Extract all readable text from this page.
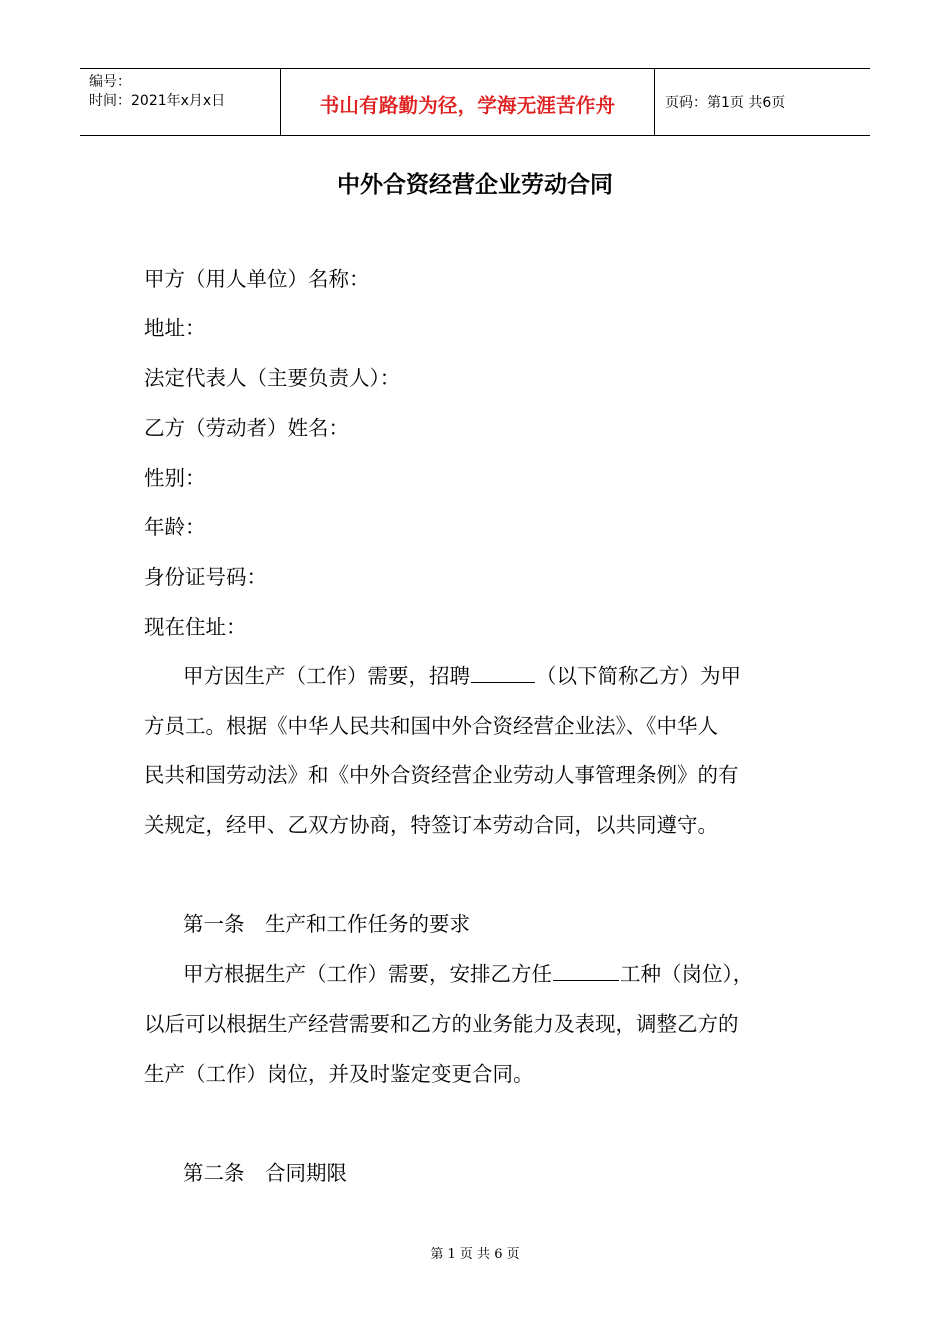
编号：
时间：2021年x月x日	书山有路勤为径，学海无涯苦作舟	页码：第1页 共6页
中外合资经营企业劳动合同
甲方（用人单位）名称：
地址：
法定代表人（主要负责人）：
乙方（劳动者）姓名：
性别：
年龄：
身份证号码：
现在住址：
甲方因生产（工作）需要，招聘	（以下简称乙方）为甲
方员工。根据《中华人民共和国中外合资经营企业法》、《中华人
民共和国劳动法》和《中外合资经营企业劳动人事管理条例》的有
关规定，经甲、乙双方协商，特签订本劳动合同，以共同遵守。
第一条　生产和工作任务的要求
甲方根据生产（工作）需要，安排乙方任	工种（岗位），
以后可以根据生产经营需要和乙方的业务能力及表现，调整乙方的
生产（工作）岗位，并及时鉴定变更合同。
第二条　合同期限
第 1 页 共 6 页
